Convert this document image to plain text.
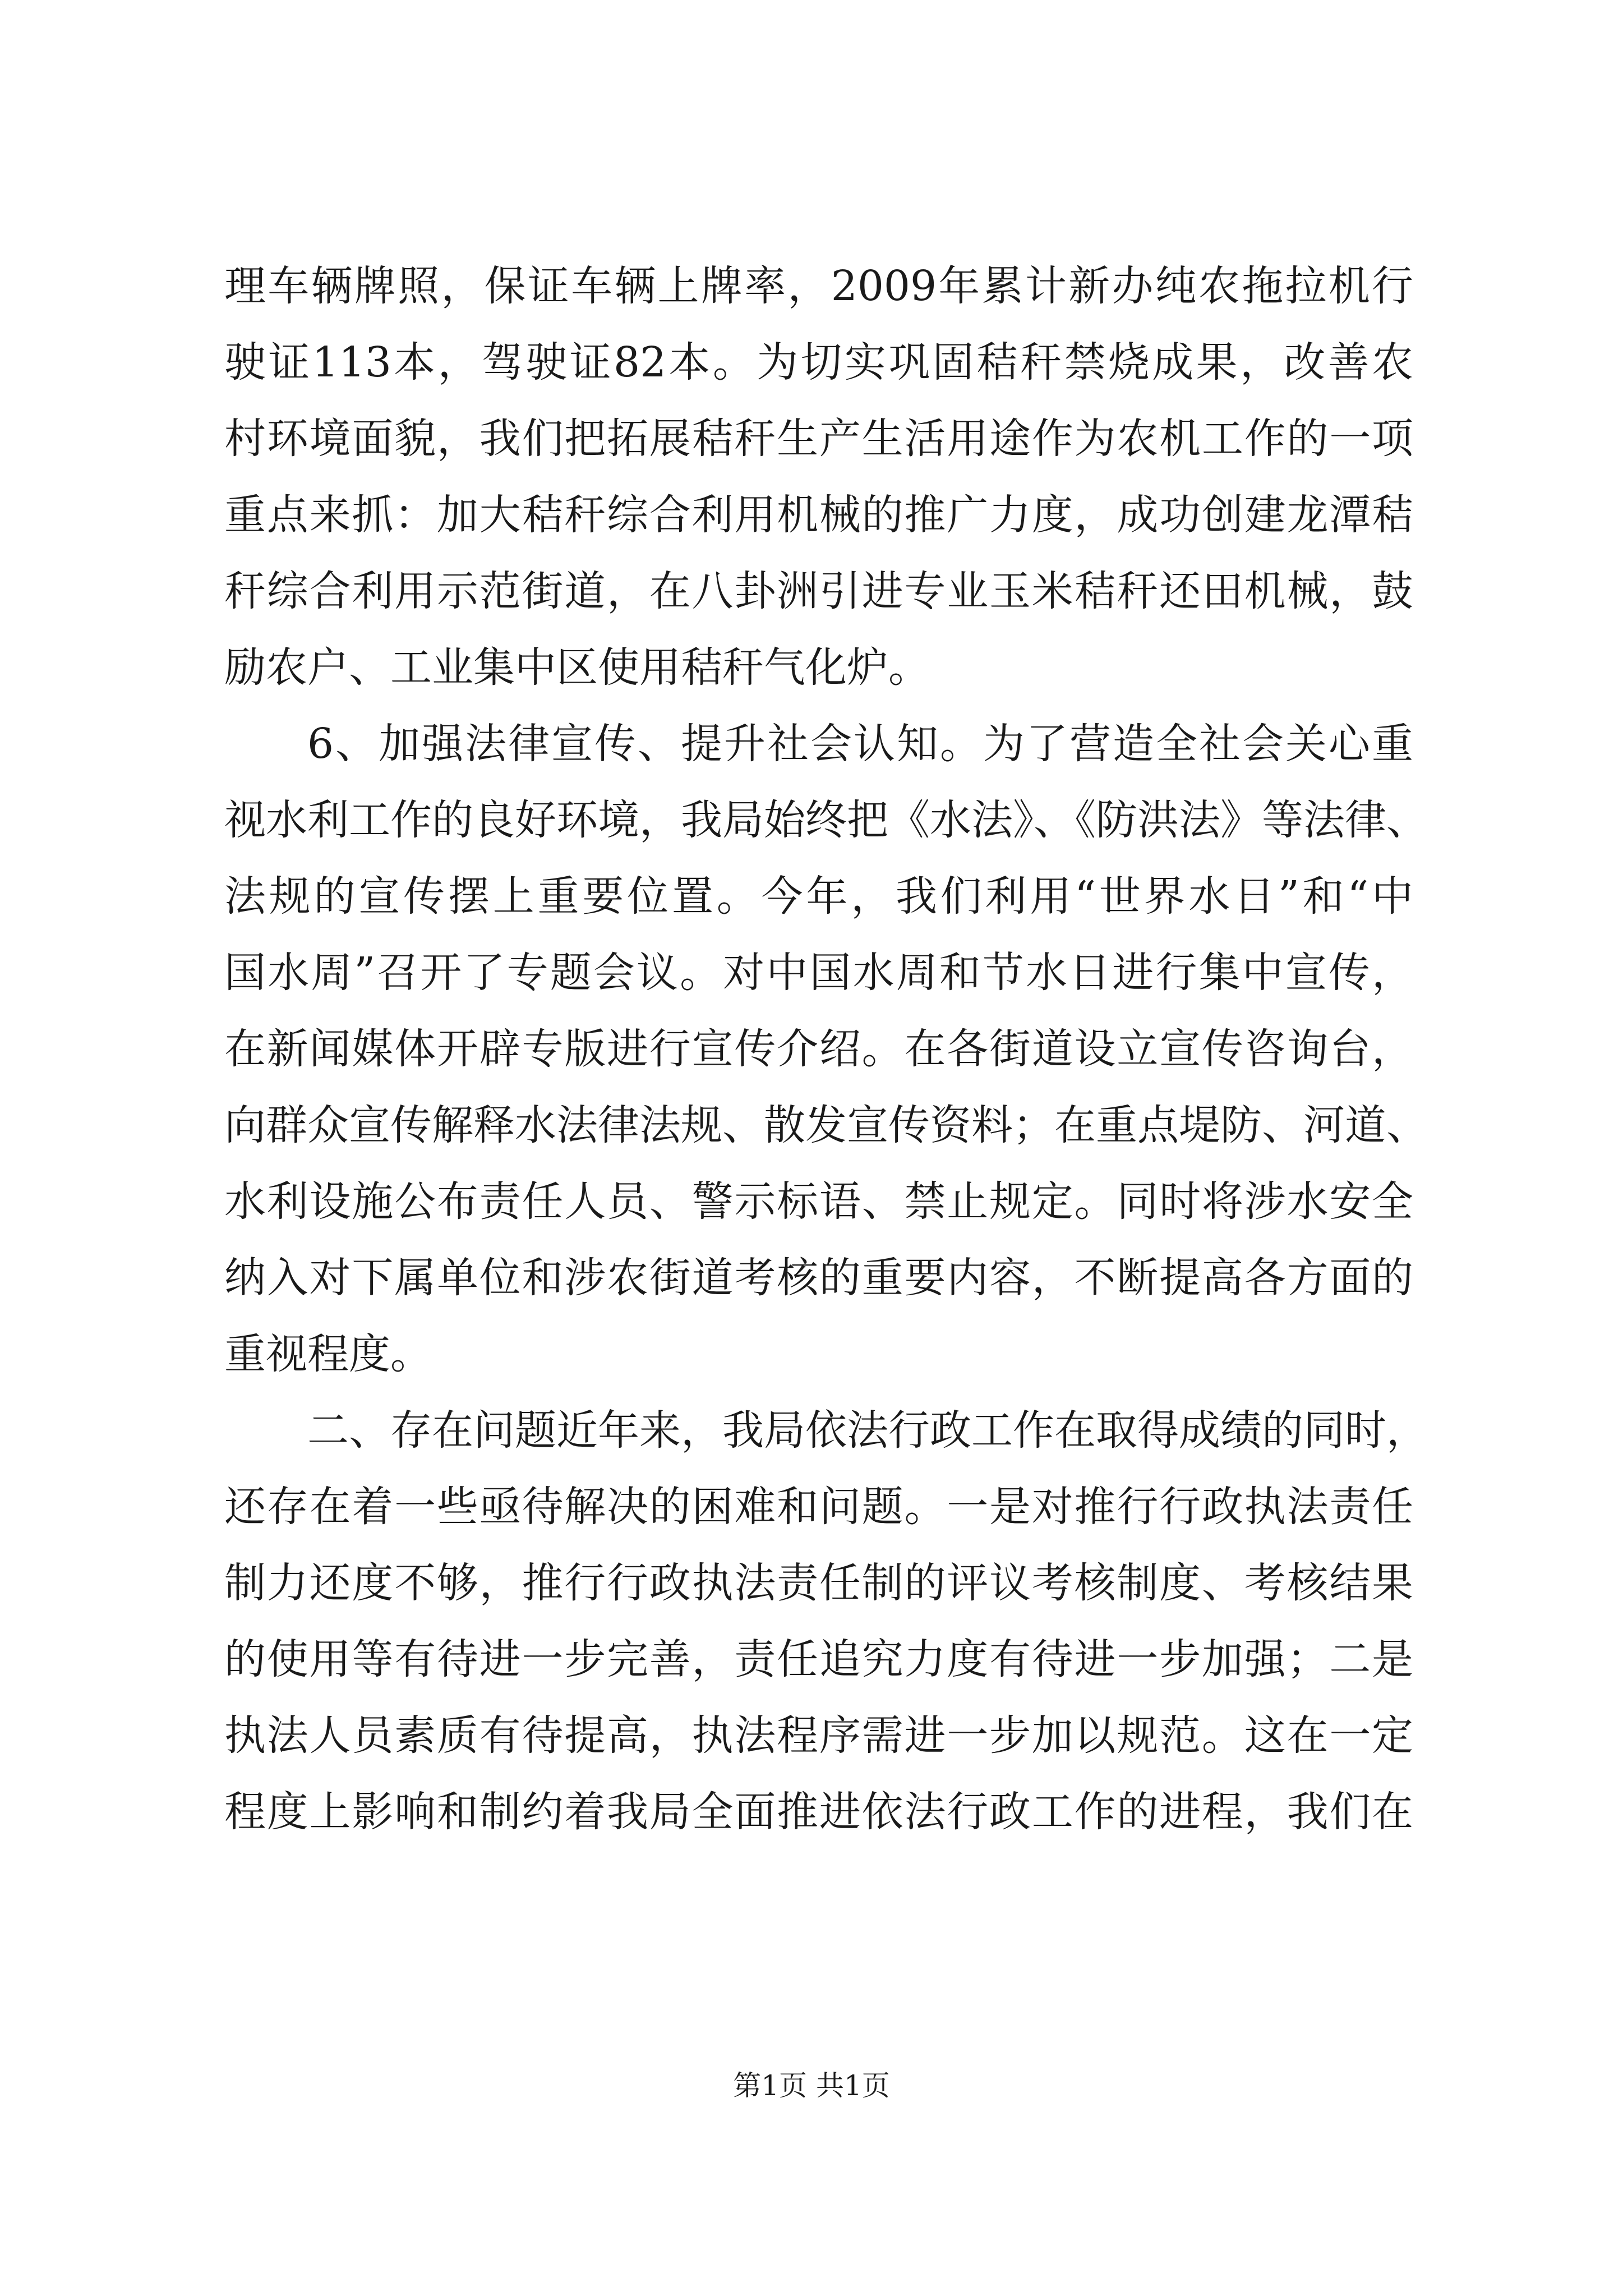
理车辆牌照，保证车辆上牌率，2009年累计新办纯农拖拉机行
驶证113本，驾驶证82本。为切实巩固秸秆禁烧成果，改善农
村环境面貌，我们把拓展秸秆生产生活用途作为农机工作的一项
重点来抓：加大秸秆综合利用机械的推广力度，成功创建龙潭秸
秆综合利用示范街道，在八卦洲引进专业玉米秸秆还田机械，鼓
励农户、工业集中区使用秸秆气化炉。
6、加强法律宣传、提升社会认知。为了营造全社会关心重
视水利工作的良好环境，我局始终把《水法》、《防洪法》等法律、
法规的宣传摆上重要位置。今年，我们利用“世界水日”和“中
国水周”召开了专题会议。对中国水周和节水日进行集中宣传，
在新闻媒体开辟专版进行宣传介绍。在各街道设立宣传咨询台，
向群众宣传解释水法律法规、散发宣传资料；在重点堤防、河道、
水利设施公布责任人员、警示标语、禁止规定。同时将涉水安全
纳入对下属单位和涉农街道考核的重要内容，不断提高各方面的
重视程度。
二、存在问题近年来，我局依法行政工作在取得成绩的同时，
还存在着一些亟待解决的困难和问题。一是对推行行政执法责任
制力还度不够，推行行政执法责任制的评议考核制度、考核结果
的使用等有待进一步完善，责任追究力度有待进一步加强；二是
执法人员素质有待提高，执法程序需进一步加以规范。这在一定
程度上影响和制约着我局全面推进依法行政工作的进程，我们在
第1页 共1页
